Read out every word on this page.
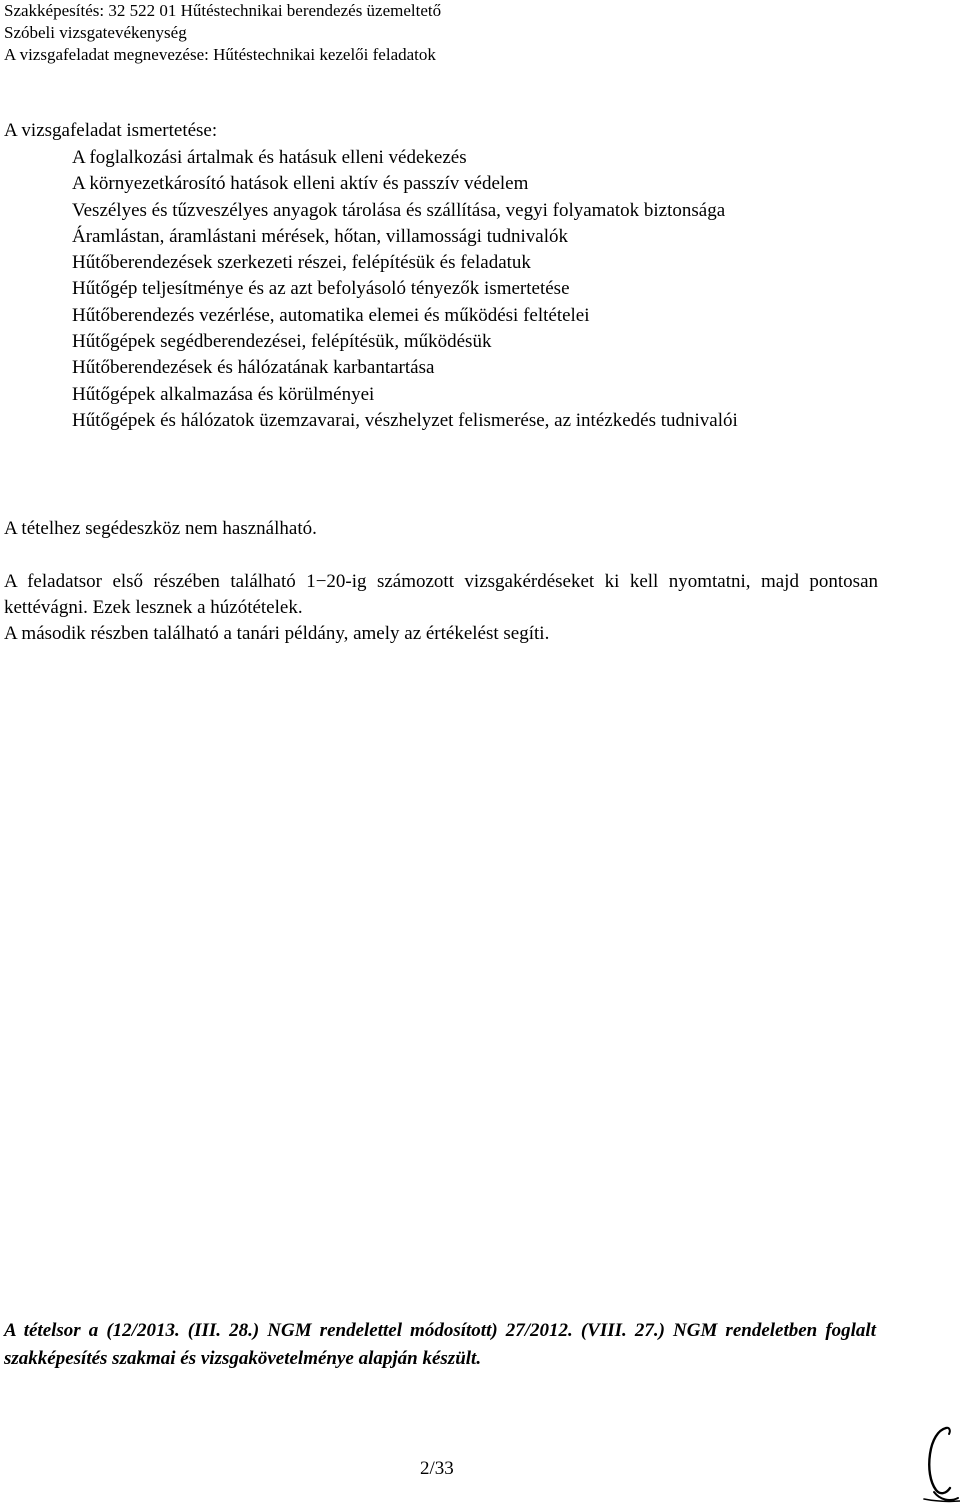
Szakképesítés: 32 522 01 Hűtéstechnikai berendezés üzemeltető
Szóbeli vizsgatevékenység
A vizsgafeladat megnevezése: Hűtéstechnikai kezelői feladatok
A vizsgafeladat ismertetése:
A foglalkozási ártalmak és hatásuk elleni védekezés
A környezetkárosító hatások elleni aktív és passzív védelem
Veszélyes és tűzveszélyes anyagok tárolása és szállítása, vegyi folyamatok biztonsága
Áramlástan, áramlástani mérések, hőtan, villamossági tudnivalók
Hűtőberendezések szerkezeti részei, felépítésük és feladatuk
Hűtőgép teljesítménye és az azt befolyásoló tényezők ismertetése
Hűtőberendezés vezérlése, automatika elemei és működési feltételei
Hűtőgépek segédberendezései, felépítésük, működésük
Hűtőberendezések és hálózatának karbantartása
Hűtőgépek alkalmazása és körülményei
Hűtőgépek és hálózatok üzemzavarai, vészhelyzet felismerése, az intézkedés tudnivalói
A tételhez segédeszköz nem használható.

A feladatsor első részében található 1−20-ig számozott vizsgakérdéseket ki kell nyomtatni, majd pontosan kettévágni. Ezek lesznek a húzótételek.

A második részben található a tanári példány, amely az értékelést segíti.

A tételsor a (12/2013. (III. 28.) NGM rendelettel módosított) 27/2012. (VIII. 27.) NGM rendeletben foglalt szakképesítés szakmai és vizsgakövetelménye alapján készült.
2/33
